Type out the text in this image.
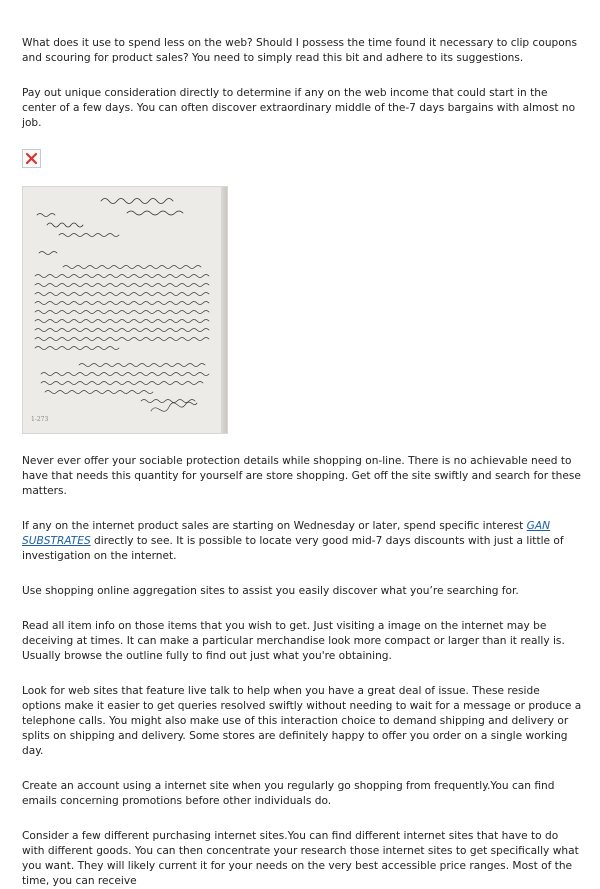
What does it use to spend less on the web? Should I possess the time found it necessary to clip coupons and scouring for product sales? You need to simply read this bit and adhere to its suggestions.

Pay out unique consideration directly to determine if any on the web income that could start in the center of a few days. You can often discover extraordinary middle of the-7 days bargains with almost no job.

1-273

Never ever offer your sociable protection details while shopping on-line. There is no achievable need to have that needs this quantity for yourself are store shopping. Get off the site swiftly and search for these matters.

If any on the internet product sales are starting on Wednesday or later, spend specific interest GAN SUBSTRATES directly to see. It is possible to locate very good mid-7 days discounts with just a little of investigation on the internet.

Use shopping online aggregation sites to assist you easily discover what you’re searching for.

Read all item info on those items that you wish to get. Just visiting a image on the internet may be deceiving at times. It can make a particular merchandise look more compact or larger than it really is. Usually browse the outline fully to find out just what you're obtaining.

Look for web sites that feature live talk to help when you have a great deal of issue. These reside options make it easier to get queries resolved swiftly without needing to wait for a message or produce a telephone calls. You might also make use of this interaction choice to demand shipping and delivery or splits on shipping and delivery. Some stores are definitely happy to offer you order on a single working day.

Create an account using a internet site when you regularly go shopping from frequently.You can find emails concerning promotions before other individuals do.

Consider a few different purchasing internet sites.You can find different internet sites that have to do with different goods. You can then concentrate your research those internet sites to get specifically what you want. They will likely current it for your needs on the very best accessible price ranges. Most of the time, you can receive
